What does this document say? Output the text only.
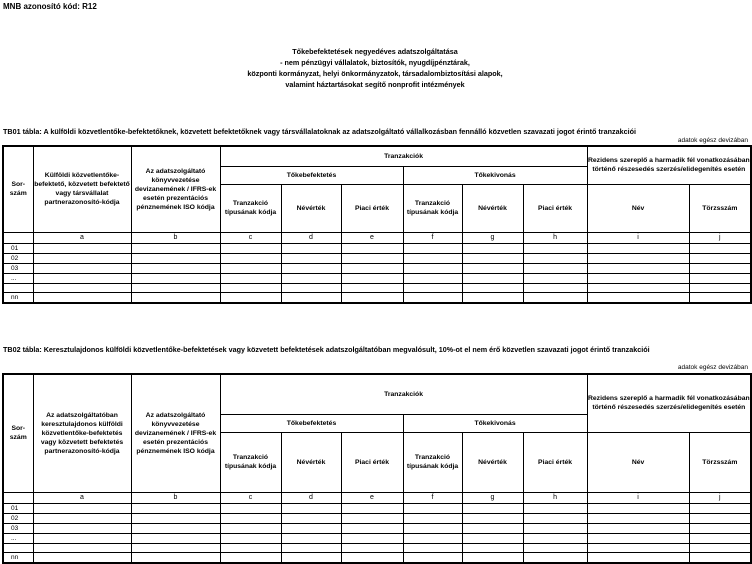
MNB azonosító kód: R12
Tőkebefektetések negyedéves adatszolgáltatása
- nem pénzügyi vállalatok, biztosítók, nyugdíjpénztárak,
központi kormányzat, helyi önkormányzatok, társadalombiztosítási alapok,
valamint háztartásokat segítő nonprofit intézmények
TB01 tábla: A külföldi közvetlentőke-befektetőknek, közvetett befektetőknek vagy társvállalatoknak az adatszolgáltató vállalkozásban fennálló közvetlen szavazati jogot érintő tranzakciói
adatok egész devizában
Sor-szám	Külföldi közvetlentőke-befektető, közvetett befektető vagy társvállalat partnerazonosító-kódja	Az adatszolgáltató könyvvezetése devizanemének / IFRS-ek esetén prezentációs pénznemének ISO kódja	Tranzakciók						Rezidens szereplő a harmadik fél vonatkozásában történő részesedés szerzés/elidegenítés esetén	
			Tőkebefektetés			Tőkekivonás				
			Tranzakció típusának kódja	Névérték	Piaci érték	Tranzakció típusának kódja	Névérték	Piaci érték	Név	Törzsszám
	a	b	c	d	e	f	g	h	i	j
01										
02										
03										
...										

nn										
TB02 tábla: Keresztulajdonos külföldi közvetlentőke-befektetések vagy közvetett befektetések adatszolgáltatóban megvalósult, 10%-ot el nem érő közvetlen szavazati jogot érintő tranzakciói
adatok egész devizában
Sor-szám	Az adatszolgáltatóban keresztulajdonos külföldi közvetlentőke-befektetés vagy közvetett befektetés partnerazonosító-kódja	Az adatszolgáltató könyvvezetése devizanemének / IFRS-ek esetén prezentációs pénznemének ISO kódja	Tranzakciók						Rezidens szereplő a harmadik fél vonatkozásában történő részesedés szerzés/elidegenítés esetén	
			Tőkebefektetés			Tőkekivonás				
			Tranzakció típusának kódja	Névérték	Piaci érték	Tranzakció típusának kódja	Névérték	Piaci érték	Név	Törzsszám
	a	b	c	d	e	f	g	h	i	j
01										
02										
03										
...										

nn										
